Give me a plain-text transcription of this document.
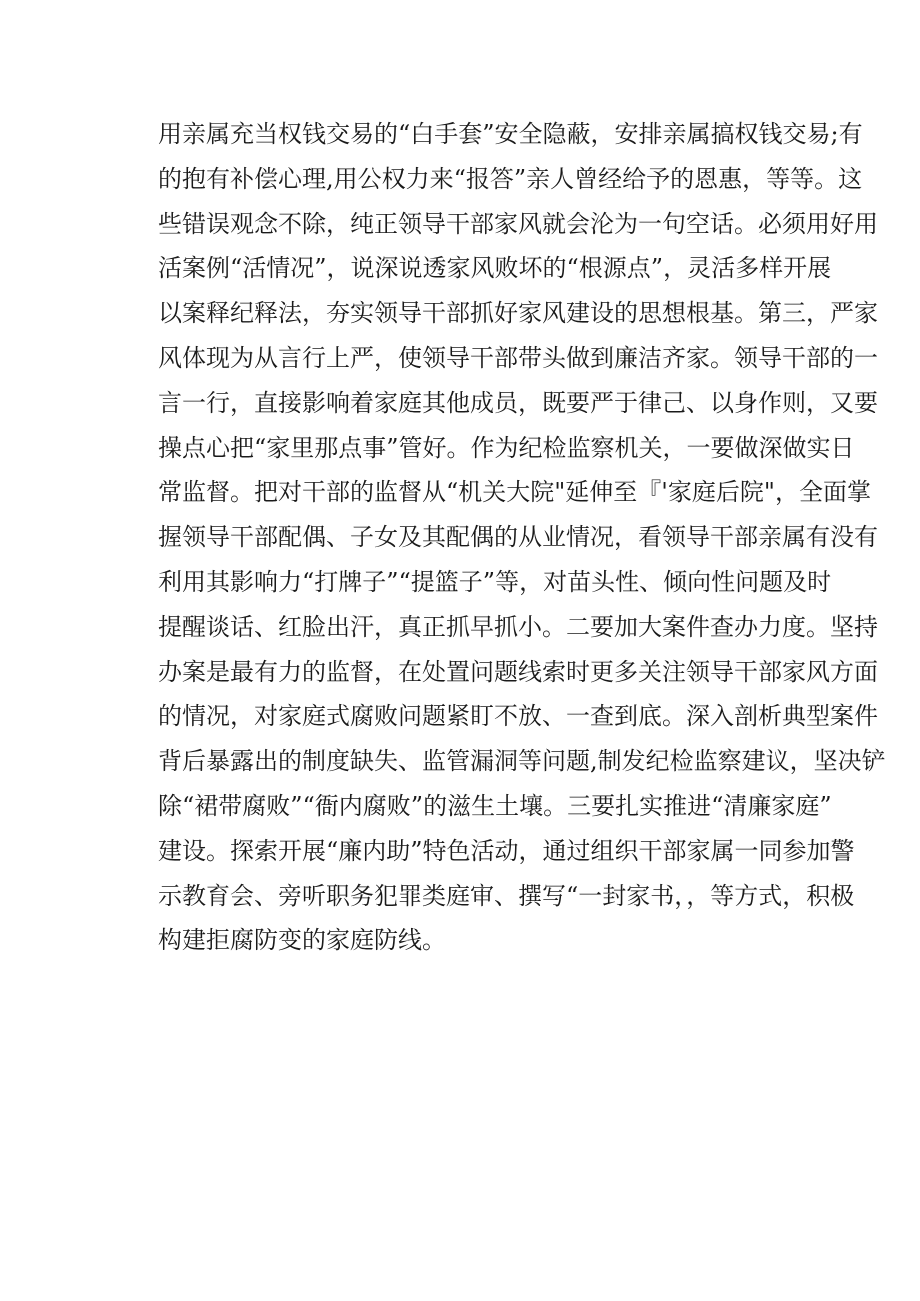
用亲属充当权钱交易的“白手套”安全隐蔽，安排亲属搞权钱交易;有
的抱有补偿心理,用公权力来“报答”亲人曾经给予的恩惠，等等。这
些错误观念不除，纯正领导干部家风就会沦为一句空话。必须用好用
活案例“活情况”，说深说透家风败坏的“根源点”，灵活多样开展
以案释纪释法，夯实领导干部抓好家风建设的思想根基。第三，严家
风体现为从言行上严，使领导干部带头做到廉洁齐家。领导干部的一
言一行，直接影响着家庭其他成员，既要严于律己、以身作则，又要
操点心把“家里那点事”管好。作为纪检监察机关，一要做深做实日
常监督。把对干部的监督从“机关大院"延伸至『'家庭后院"，全面掌
握领导干部配偶、子女及其配偶的从业情况，看领导干部亲属有没有
利用其影响力“打牌子”“提篮子”等，对苗头性、倾向性问题及时
提醒谈话、红脸出汗，真正抓早抓小。二要加大案件查办力度。坚持
办案是最有力的监督，在处置问题线索时更多关注领导干部家风方面
的情况，对家庭式腐败问题紧盯不放、一查到底。深入剖析典型案件
背后暴露出的制度缺失、监管漏洞等问题,制发纪检监察建议，坚决铲
除“裙带腐败”“衙内腐败”的滋生土壤。三要扎实推进“清廉家庭”
建设。探索开展“廉内助”特色活动，通过组织干部家属一同参加警
示教育会、旁听职务犯罪类庭审、撰写“一封家书，，等方式，积极
构建拒腐防变的家庭防线。
